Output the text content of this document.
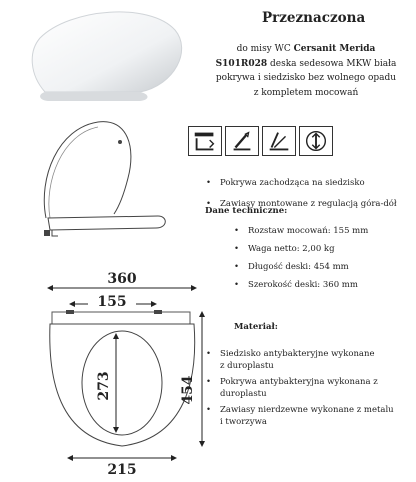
Przeznaczona
do misy WC Cersanit Merida
S101R028 deska sedesowa MKW biała
pokrywa i siedzisko bez wolnego opadu
z kompletem mocowań
• Pokrywa zachodząca na siedzisko
• Zawiasy montowane z regulacją góra-dół
Dane techniczne:
• Rozstaw mocowań: 155 mm
• Waga netto: 2,00 kg
• Długość deski: 454 mm
• Szerokość deski: 360 mm
Materiał:
• Siedzisko antybakteryjne wykonane
z duroplastu
• Pokrywa antybakteryjna wykonana z duroplastu
• Zawiasy nierdzewne wykonane z metalu
i tworzywa
360
155
273	454
215
